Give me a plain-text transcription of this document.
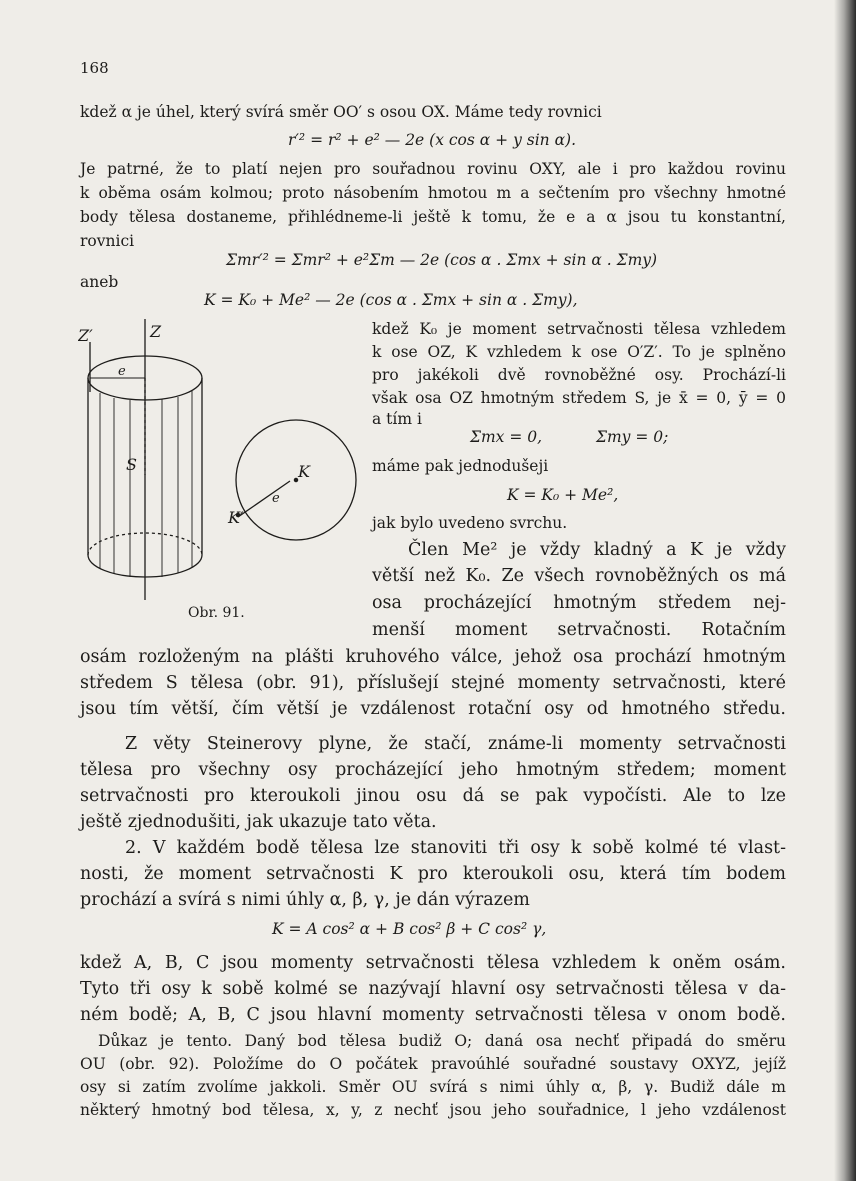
168
kdež α je úhel, který svírá směr OO′ s osou OX. Máme tedy rovnici
r′² = r² + e² — 2e (x cos α + y sin α).
Je patrné, že to platí nejen pro souřadnou rovinu OXY, ale i pro každou rovinu
k oběma osám kolmou; proto násobením hmotou m a sečtením pro všechny hmotné
body tělesa dostaneme, přihlédneme-li ještě k tomu, že e a α jsou tu konstantní,
rovnici
Σmr′² = Σmr² + e²Σm — 2e (cos α . Σmx + sin α . Σmy)
aneb
K = K₀ + Me² — 2e (cos α . Σmx + sin α . Σmy),
Z′	Z
e
S	K
e
K′
Obr. 91.
kdež K₀ je moment setrvačnosti tělesa vzhledem
k ose OZ, K vzhledem k ose O′Z′. To je splněno
pro jakékoli dvě rovnoběžné osy. Prochází-li
však osa OZ hmotným středem S, je x̄ = 0, ȳ = 0
a tím i
Σmx = 0,	Σmy = 0;
máme pak jednodušeji
K = K₀ + Me²,
jak bylo uvedeno svrchu.
Člen Me² je vždy kladný a K je vždy
větší než K₀. Ze všech rovnoběžných os má
osa procházející hmotným středem nej-
menší moment setrvačnosti. Rotačním
osám rozloženým na plášti kruhového válce, jehož osa prochází hmotným
středem S tělesa (obr. 91), příslušejí stejné momenty setrvačnosti, které
jsou tím větší, čím větší je vzdálenost rotační osy od hmotného středu.
Z věty Steinerovy plyne, že stačí, známe-li momenty setrvačnosti
tělesa pro všechny osy procházející jeho hmotným středem; moment
setrvačnosti pro kteroukoli jinou osu dá se pak vypočísti. Ale to lze
ještě zjednodušiti, jak ukazuje tato věta.
2. V každém bodě tělesa lze stanoviti tři osy k sobě kolmé té vlast-
nosti, že moment setrvačnosti K pro kteroukoli osu, která tím bodem
prochází a svírá s nimi úhly α, β, γ, je dán výrazem
K = A cos² α + B cos² β + C cos² γ,
kdež A, B, C jsou momenty setrvačnosti tělesa vzhledem k oněm osám.
Tyto tři osy k sobě kolmé se nazývají hlavní osy setrvačnosti tělesa v da-
ném bodě; A, B, C jsou hlavní momenty setrvačnosti tělesa v onom bodě.
Důkaz je tento. Daný bod tělesa budiž O; daná osa nechť připadá do směru
OU (obr. 92). Položíme do O počátek pravoúhlé souřadné soustavy OXYZ, jejíž
osy si zatím zvolíme jakkoli. Směr OU svírá s nimi úhly α, β, γ. Budiž dále m
některý hmotný bod tělesa, x, y, z nechť jsou jeho souřadnice, l jeho vzdálenost
